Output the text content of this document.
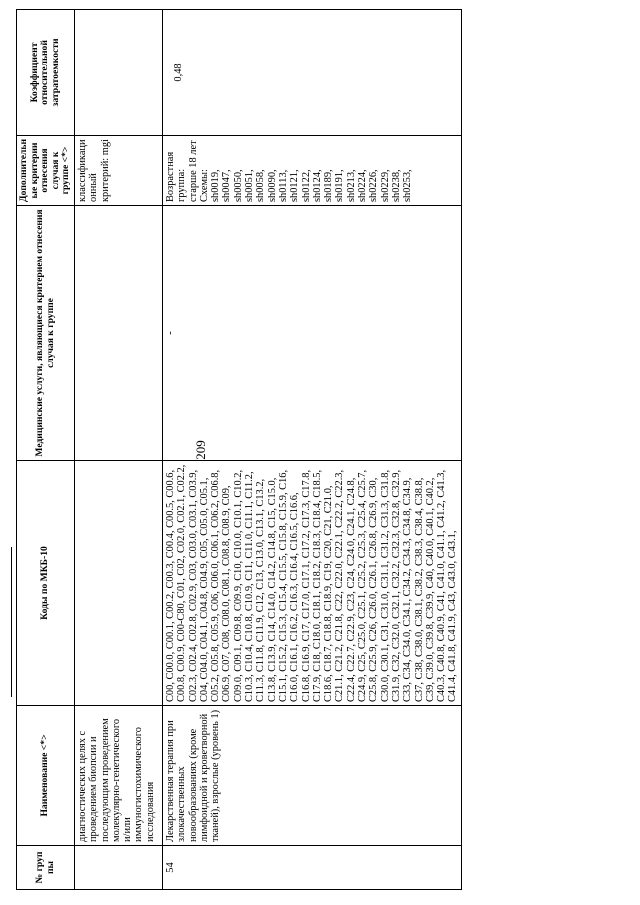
209
№ груп пы	Наименование <*>	Коды по МКБ-10	Медицинские услуги, являющиеся критерием отнесения случая к группе	Дополнительные критерии отнесения случая к группе <*>	Коэффициент относительной затратоемкости
	диагностических целях с проведением биопсии и последующим проведением молекулярно-генетического и/или иммуногистохимического исследования			классификационный критерий: mgi	
54	Лекарственная терапия при злокачественных новообразованиях (кроме лимфоидной и кроветворной тканей), взрослые (уровень 1)	C00, C00.0, C00.1, C00.2, C00.3, C00.4, C00.5, C00.6, C00.8, C00.9, C00-C80, C01, C02, C02.0, C02.1, C02.2, C02.3, C02.4, C02.8, C02.9, C03, C03.0, C03.1, C03.9, C04, C04.0, C04.1, C04.8, C04.9, C05, C05.0, C05.1, C05.2, C05.8, C05.9, C06, C06.0, C06.1, C06.2, C06.8, C06.9, C07, C08, C08.0, C08.1, C08.8, C08.9, C09, C09.0, C09.1, C09.8, C09.9, C10, C10.0, C10.1, C10.2, C10.3, C10.4, C10.8, C10.9, C11, C11.0, C11.1, C11.2, C11.3, C11.8, C11.9, C12, C13, C13.0, C13.1, C13.2, C13.8, C13.9, C14, C14.0, C14.2, C14.8, C15, C15.0, C15.1, C15.2, C15.3, C15.4, C15.5, C15.8, C15.9, C16, C16.0, C16.1, C16.2, C16.3, C16.4, C16.5, C16.6, C16.8, C16.9, C17, C17.0, C17.1, C17.2, C17.3, C17.8, C17.9, C18, C18.0, C18.1, C18.2, C18.3, C18.4, C18.5, C18.6, C18.7, C18.8, C18.9, C19, C20, C21, C21.0, C21.1, C21.2, C21.8, C22, C22.0, C22.1, C22.2, C22.3, C22.4, C22.7, C22.9, C23, C24, C24.0, C24.1, C24.8, C24.9, C25, C25.0, C25.1, C25.2, C25.3, C25.4, C25.7, C25.8, C25.9, C26, C26.0, C26.1, C26.8, C26.9, C30, C30.0, C30.1, C31, C31.0, C31.1, C31.2, C31.3, C31.8, C31.9, C32, C32.0, C32.1, C32.2, C32.3, C32.8, C32.9, C33, C34, C34.0, C34.1, C34.2, C34.3, C34.8, C34.9, C37, C38, C38.0, C38.1, C38.2, C38.3, C38.4, C38.8, C39, C39.0, C39.8, C39.9, C40, C40.0, C40.1, C40.2, C40.3, C40.8, C40.9, C41, C41.0, C41.1, C41.2, C41.3, C41.4, C41.8, C41.9, C43, C43.0, C43.1,	-	Возрастная группа: старше 18 лет Схемы: sh0019, sh0047, sh0050, sh0051, sh0058, sh0090, sh0113, sh0121, sh0122, sh0124, sh0189, sh0191, sh0213, sh0224, sh0226, sh0229, sh0238, sh0253,	0,48
